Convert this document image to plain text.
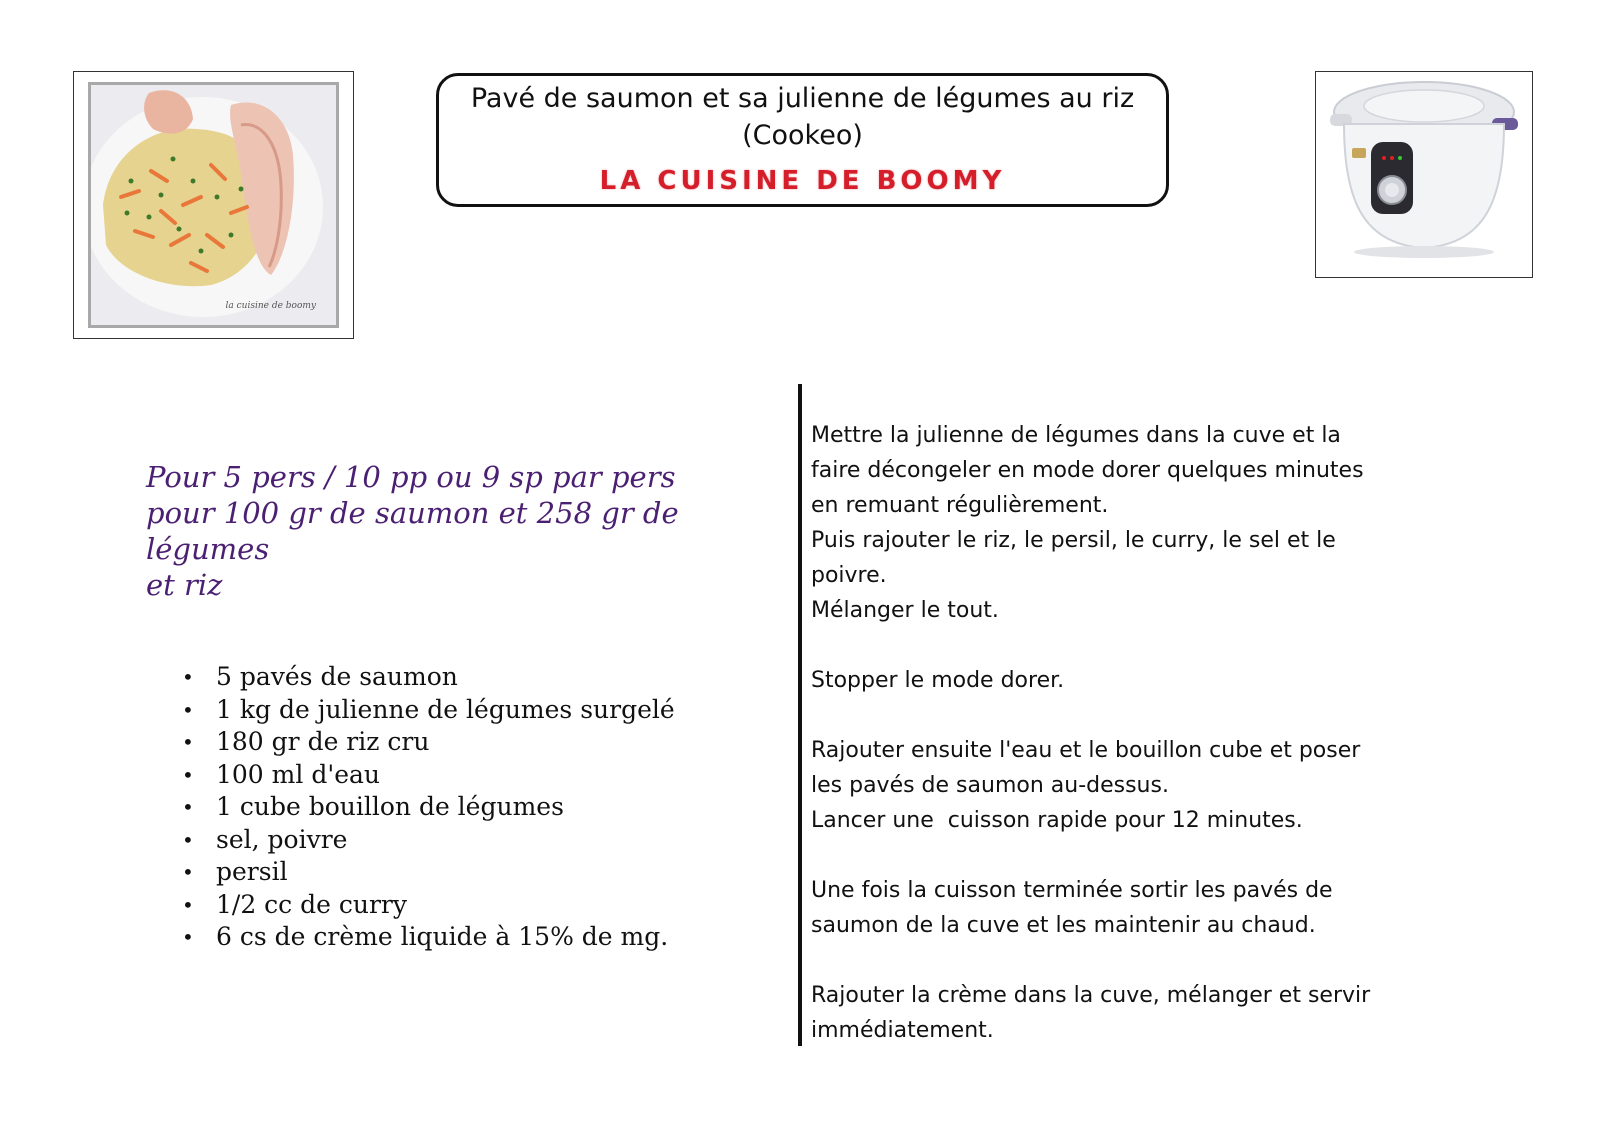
la cuisine de boomy
Pavé de saumon et sa julienne de légumes au riz
(Cookeo)
LA CUISINE DE BOOMY
Pour 5 pers / 10 pp ou 9 sp par pers
pour 100 gr de saumon et 258 gr de légumes
et riz
• 5 pavés de saumon
• 1 kg de julienne de légumes surgelé
• 180 gr de riz cru
• 100 ml d'eau
• 1 cube bouillon de légumes
• sel, poivre
• persil
• 1/2 cc de curry
• 6 cs de crème liquide à 15% de mg.
Mettre la julienne de légumes dans la cuve et la
faire décongeler en mode dorer quelques minutes
en remuant régulièrement.
Puis rajouter le riz, le persil, le curry, le sel et le
poivre.
Mélanger le tout.
Stopper le mode dorer.
Rajouter ensuite l'eau et le bouillon cube et poser
les pavés de saumon au-dessus.
Lancer une  cuisson rapide pour 12 minutes.
Une fois la cuisson terminée sortir les pavés de
saumon de la cuve et les maintenir au chaud.
Rajouter la crème dans la cuve, mélanger et servir
immédiatement.
